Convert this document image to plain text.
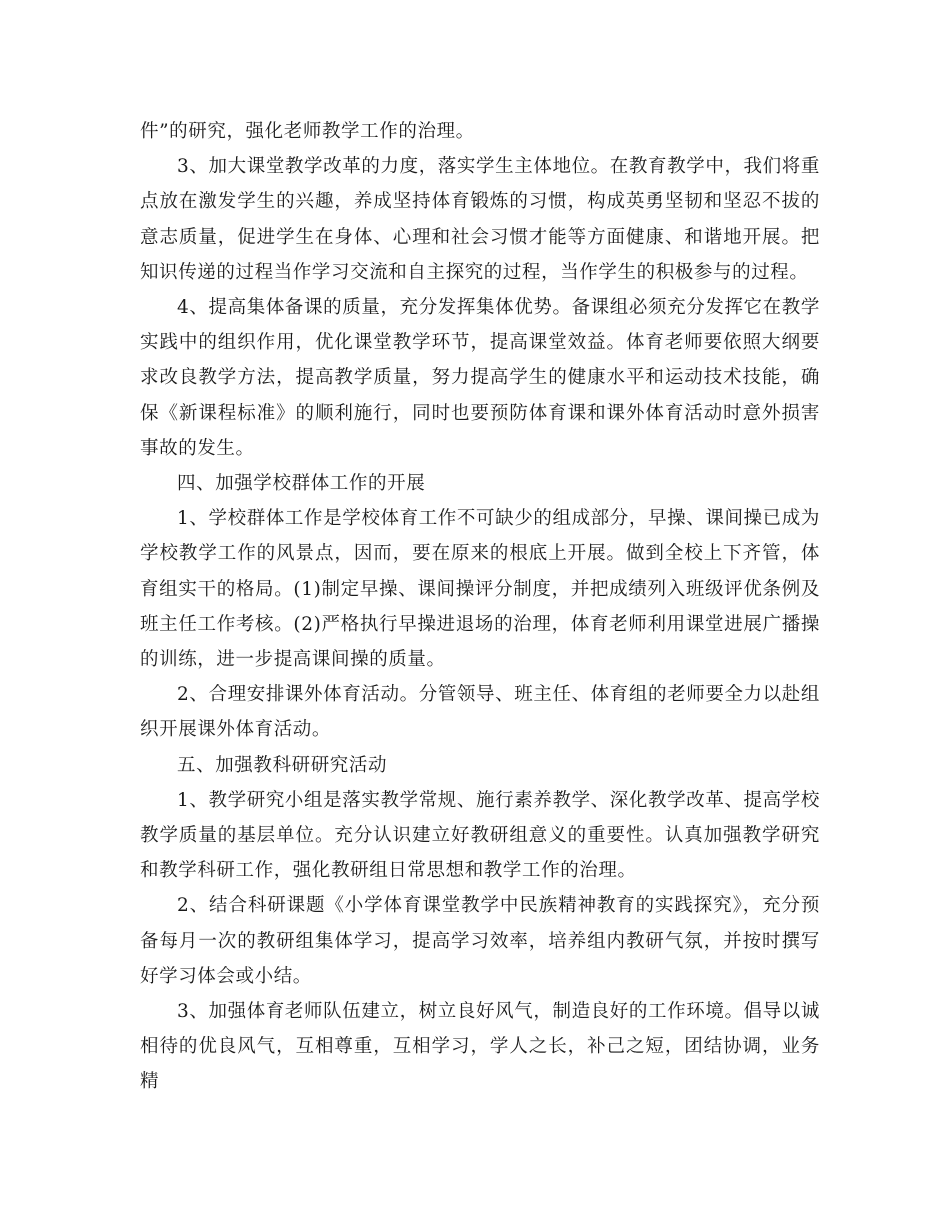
件”的研究，强化老师教学工作的治理。

3、加大课堂教学改革的力度，落实学生主体地位。在教育教学中，我们将重点放在激发学生的兴趣，养成坚持体育锻炼的习惯，构成英勇坚韧和坚忍不拔的意志质量，促进学生在身体、心理和社会习惯才能等方面健康、和谐地开展。把知识传递的过程当作学习交流和自主探究的过程，当作学生的积极参与的过程。

4、提高集体备课的质量，充分发挥集体优势。备课组必须充分发挥它在教学实践中的组织作用，优化课堂教学环节，提高课堂效益。体育老师要依照大纲要求改良教学方法，提高教学质量，努力提高学生的健康水平和运动技术技能，确保《新课程标准》的顺利施行，同时也要预防体育课和课外体育活动时意外损害事故的发生。

四、加强学校群体工作的开展

1、学校群体工作是学校体育工作不可缺少的组成部分，早操、课间操已成为学校教学工作的风景点，因而，要在原来的根底上开展。做到全校上下齐管，体育组实干的格局。(1)制定早操、课间操评分制度，并把成绩列入班级评优条例及班主任工作考核。(2)严格执行早操进退场的治理，体育老师利用课堂进展广播操的训练，进一步提高课间操的质量。

2、合理安排课外体育活动。分管领导、班主任、体育组的老师要全力以赴组织开展课外体育活动。

五、加强教科研研究活动

1、教学研究小组是落实教学常规、施行素养教学、深化教学改革、提高学校教学质量的基层单位。充分认识建立好教研组意义的重要性。认真加强教学研究和教学科研工作，强化教研组日常思想和教学工作的治理。

2、结合科研课题《小学体育课堂教学中民族精神教育的实践探究》，充分预备每月一次的教研组集体学习，提高学习效率，培养组内教研气氛，并按时撰写好学习体会或小结。

3、加强体育老师队伍建立，树立良好风气，制造良好的工作环境。倡导以诚相待的优良风气，互相尊重，互相学习，学人之长，补己之短，团结协调，业务精
